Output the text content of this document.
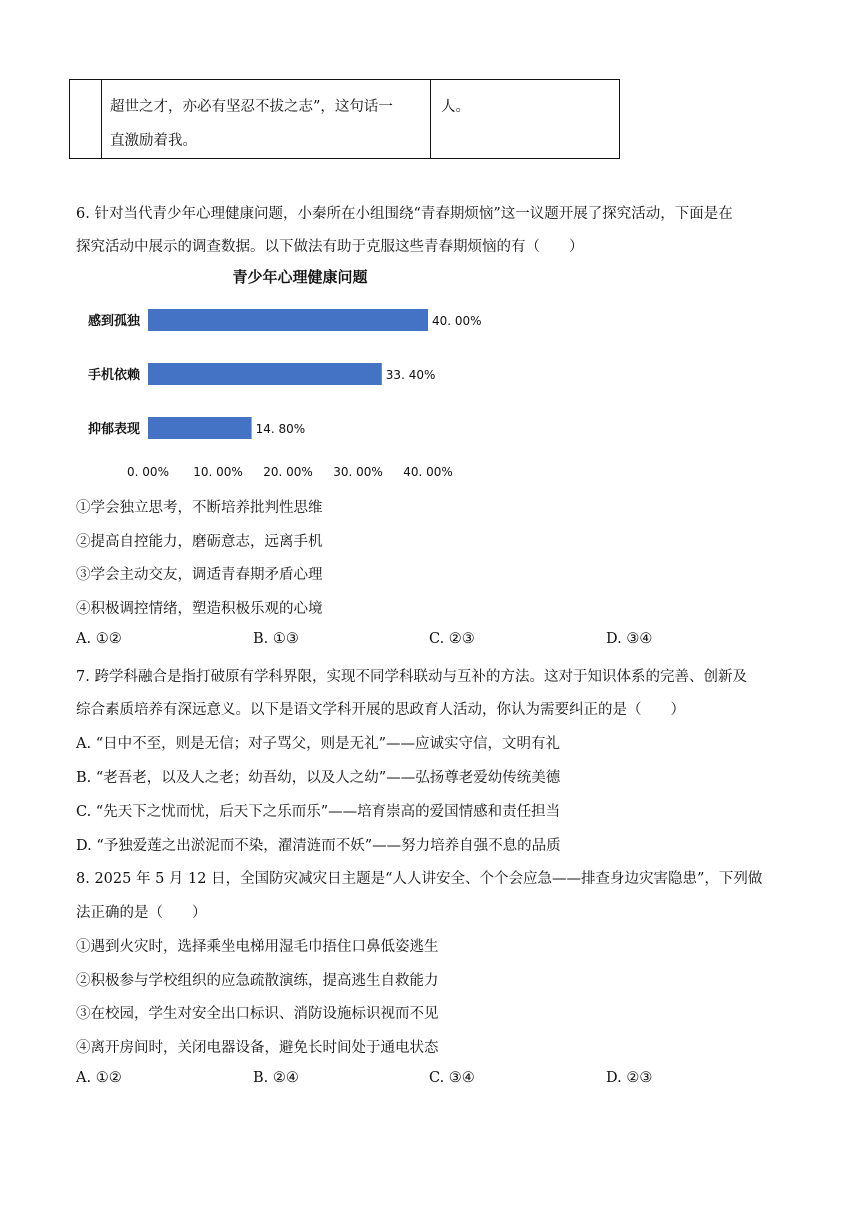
超世之才，亦必有坚忍不拔之志”，这句话一
直激励着我。
	人。
6. 针对当代青少年心理健康问题，小秦所在小组围绕“青春期烦恼”这一议题开展了探究活动，下面是在
探究活动中展示的调查数据。以下做法有助于克服这些青春期烦恼的有（　　）
青少年心理健康问题
感到孤独
手机依赖
抑郁表现
40. 00%
33. 40%
14. 80%
0. 00% 10. 00% 20. 00% 30. 00% 40. 00%
①学会独立思考，不断培养批判性思维
②提高自控能力，磨砺意志，远离手机
③学会主动交友，调适青春期矛盾心理
④积极调控情绪，塑造积极乐观的心境
A. ①②	B. ①③	C. ②③	D. ③④
7. 跨学科融合是指打破原有学科界限，实现不同学科联动与互补的方法。这对于知识体系的完善、创新及
综合素质培养有深远意义。以下是语文学科开展的思政育人活动，你认为需要纠正的是（　　）
A. “日中不至，则是无信；对子骂父，则是无礼”——应诚实守信，文明有礼
B. “老吾老，以及人之老；幼吾幼，以及人之幼”——弘扬尊老爱幼传统美德
C. “先天下之忧而忧，后天下之乐而乐”——培育崇高的爱国情感和责任担当
D. “予独爱莲之出淤泥而不染，濯清涟而不妖”——努力培养自强不息的品质
8. 2025 年 5 月 12 日，全国防灾减灾日主题是“人人讲安全、个个会应急——排查身边灾害隐患”，下列做
法正确的是（　　）
①遇到火灾时，选择乘坐电梯用湿毛巾捂住口鼻低姿逃生
②积极参与学校组织的应急疏散演练，提高逃生自救能力
③在校园，学生对安全出口标识、消防设施标识视而不见
④离开房间时，关闭电器设备，避免长时间处于通电状态
A. ①②	B. ②④	C. ③④	D. ②③
